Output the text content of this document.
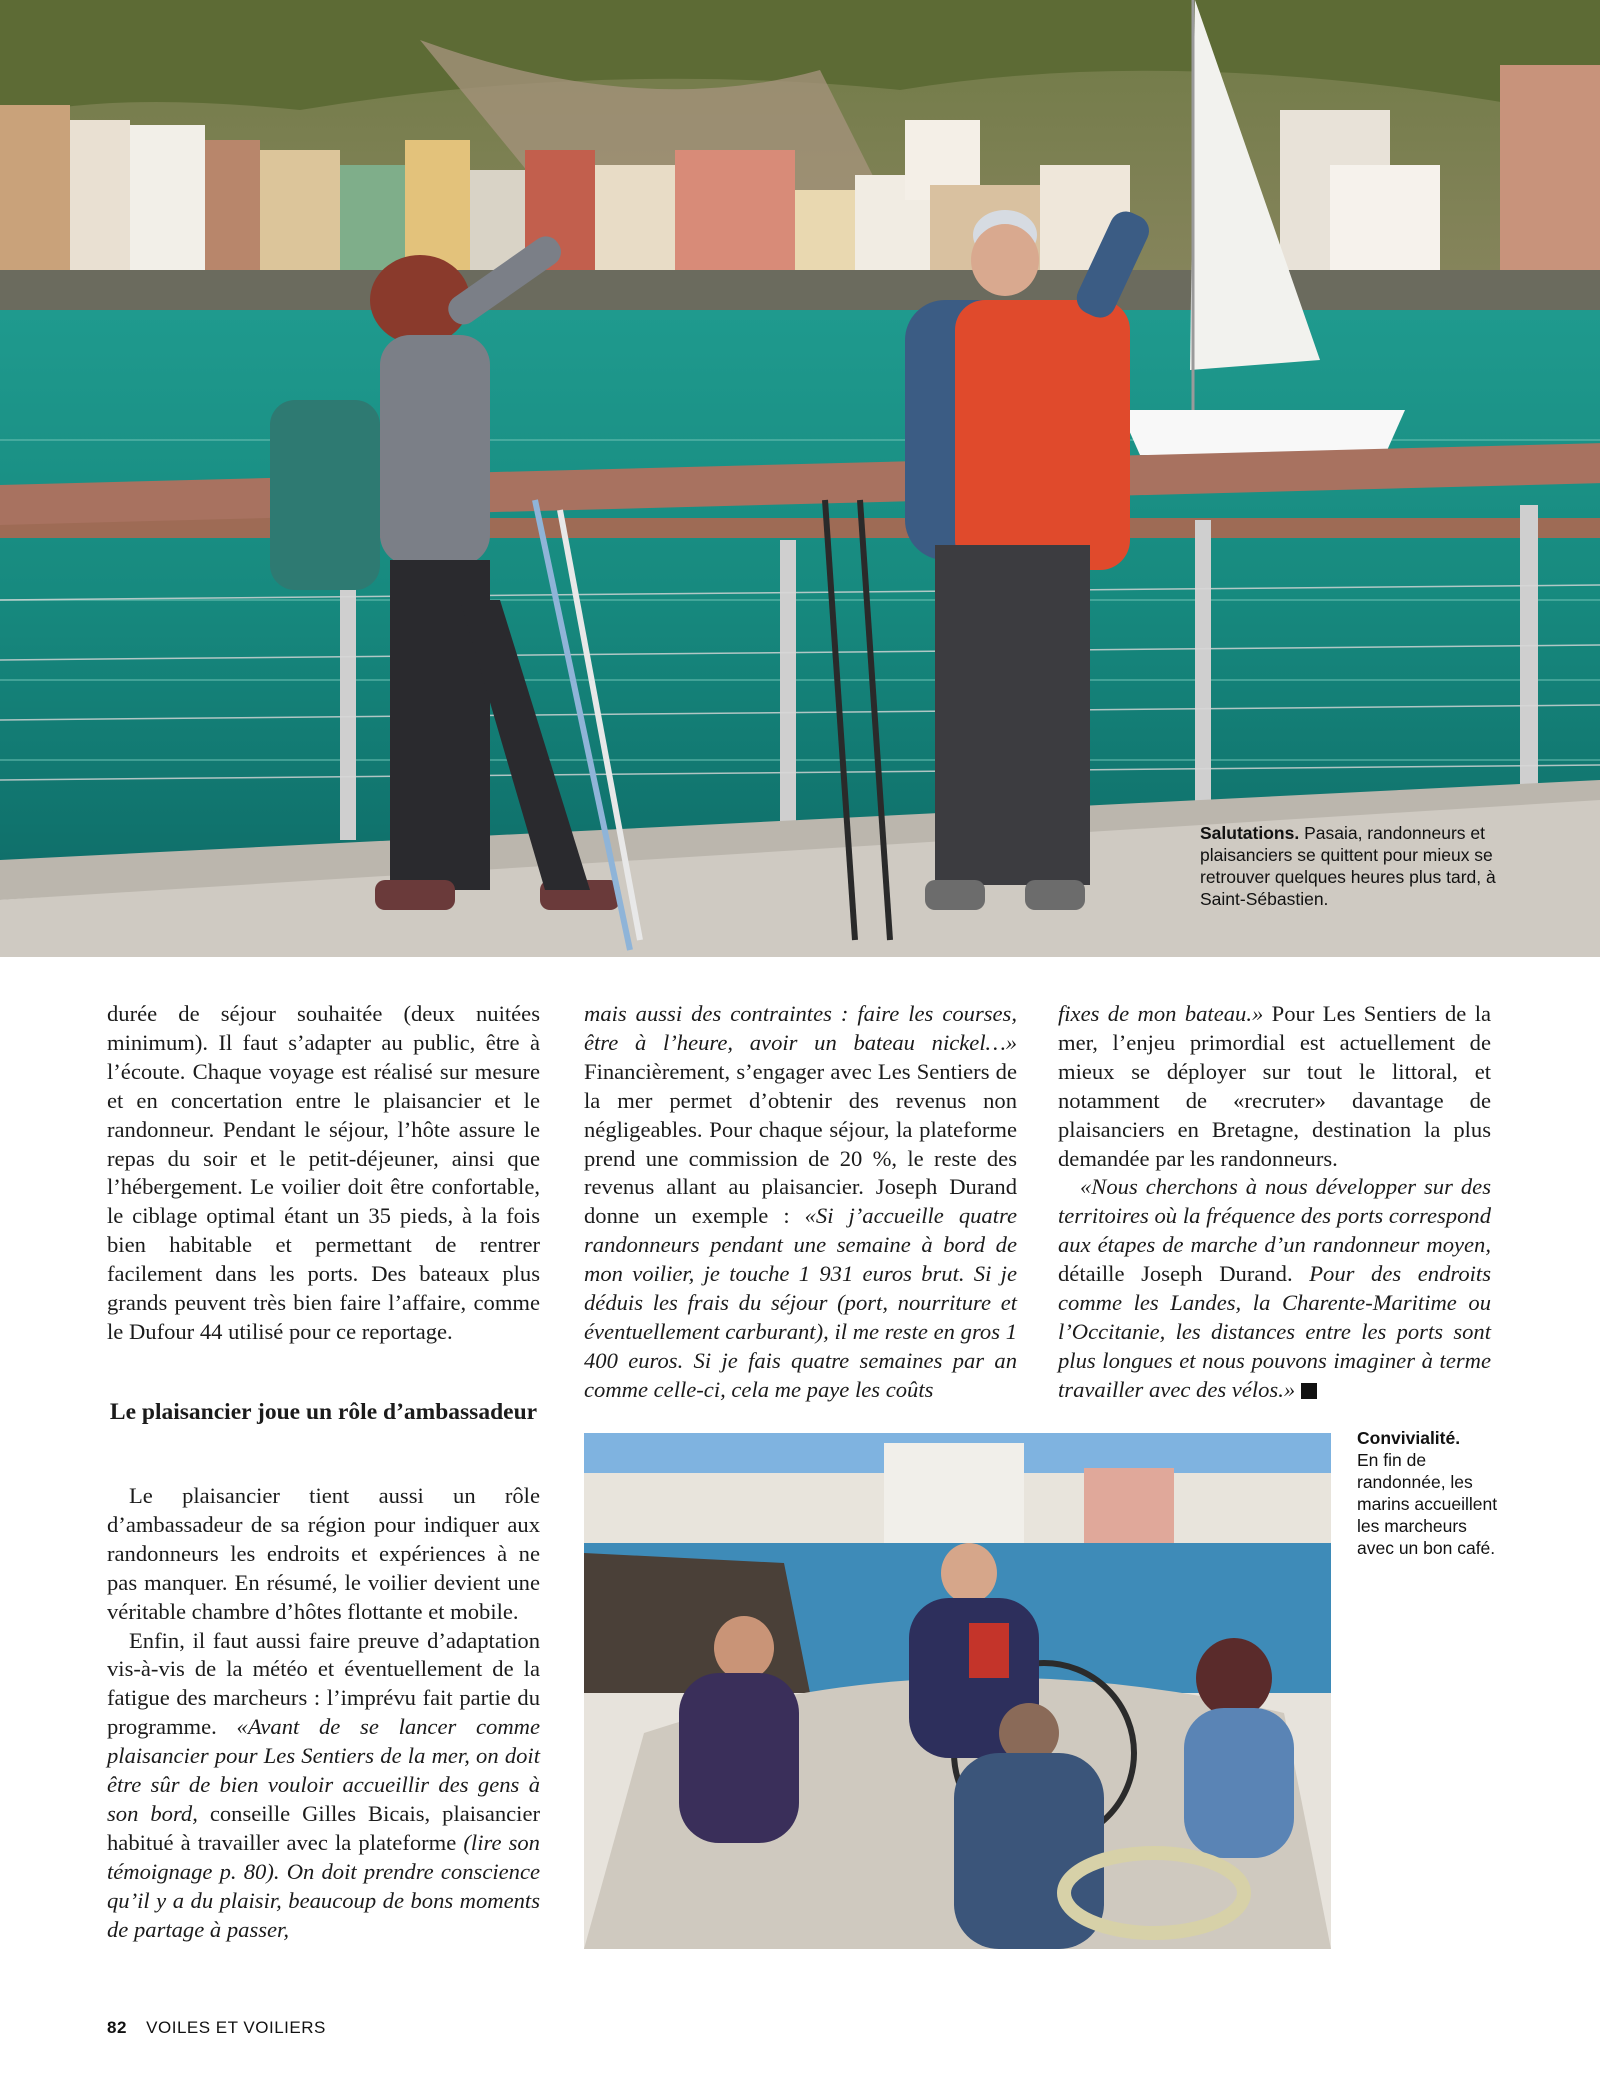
Salutations. Pasaia, randonneurs et plaisanciers se quittent pour mieux se retrouver quelques heures plus tard, à Saint-Sébastien.

durée de séjour souhaitée (deux nuitées minimum). Il faut s’adapter au public, être à l’écoute. Chaque voyage est réalisé sur mesure et en concertation entre le plaisancier et le randonneur. Pendant le séjour, l’hôte assure le repas du soir et le petit-déjeuner, ainsi que l’hébergement. Le voilier doit être confortable, le ciblage optimal étant un 35 pieds, à la fois bien habitable et permettant de rentrer facilement dans les ports. Des bateaux plus grands peuvent très bien faire l’affaire, comme le Dufour 44 utilisé pour ce reportage.

Le plaisancier joue un rôle d’ambassadeur

Le plaisancier tient aussi un rôle d’ambassadeur de sa région pour indiquer aux randonneurs les endroits et expériences à ne pas manquer. En résumé, le voilier devient une véritable chambre d’hôtes flottante et mobile.

Enfin, il faut aussi faire preuve d’adaptation vis-à-vis de la météo et éventuellement de la fatigue des marcheurs : l’imprévu fait partie du programme. «Avant de se lancer comme plaisancier pour Les Sentiers de la mer, on doit être sûr de bien vouloir accueillir des gens à son bord, conseille Gilles Bicais, plaisancier habitué à travailler avec la plateforme (lire son témoignage p. 80). On doit prendre conscience qu’il y a du plaisir, beaucoup de bons moments de partage à passer,

mais aussi des contraintes : faire les courses, être à l’heure, avoir un bateau nickel…» Financièrement, s’engager avec Les Sentiers de la mer permet d’obtenir des revenus non négligeables. Pour chaque séjour, la plateforme prend une commission de 20 %, le reste des revenus allant au plaisancier. Joseph Durand donne un exemple : «Si j’accueille quatre randonneurs pendant une semaine à bord de mon voilier, je touche 1 931 euros brut. Si je déduis les frais du séjour (port, nourriture et éventuellement carburant), il me reste en gros 1 400 euros. Si je fais quatre semaines par an comme celle-ci, cela me paye les coûts

fixes de mon bateau.» Pour Les Sentiers de la mer, l’enjeu primordial est actuellement de mieux se déployer sur tout le littoral, et notamment de «recruter» davantage de plaisanciers en Bretagne, destination la plus demandée par les randonneurs.

«Nous cherchons à nous développer sur des territoires où la fréquence des ports correspond aux étapes de marche d’un randonneur moyen, détaille Joseph Durand. Pour des endroits comme les Landes, la Charente-Maritime ou l’Occitanie, les distances entre les ports sont plus longues et nous pouvons imaginer à terme travailler avec des vélos.»

Convivialité.
En fin de randonnée, les marins accueillent les marcheurs avec un bon café.
82 VOILES ET VOILIERS
